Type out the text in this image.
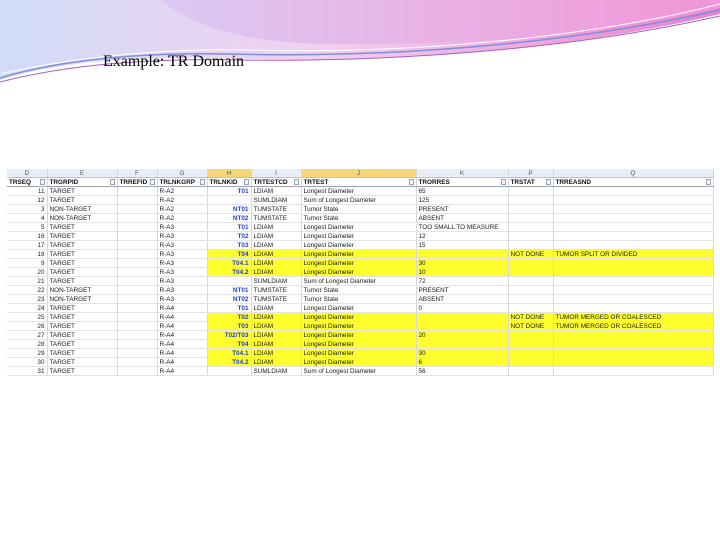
Example: TR Domain
D	E	F	G	H	I	J	K	P	Q
TRSEQ	TRGRPID	TRREFID	TRLNKGRP	TRLNKID	TRTESTCD	TRTEST	TRORRES	TRSTAT	TRREASND

11	TARGET		R-A2	T01	LDIAM	Longest Diameter	65		
12	TARGET		R-A2		SUMLDIAM	Sum of Longest Diameter	125		
3	NON-TARGET		R-A2	NT01	TUMSTATE	Tumor State	PRESENT		
4	NON-TARGET		R-A2	NT02	TUMSTATE	Tumor State	ABSENT		
5	TARGET		R-A3	T01	LDIAM	Longest Diameter	TOO SMALL TO MEASURE		
16	TARGET		R-A3	T02	LDIAM	Longest Diameter	12		
17	TARGET		R-A3	T03	LDIAM	Longest Diameter	15		
18	TARGET		R-A3	T04	LDIAM	Longest Diameter		NOT DONE	TUMOR SPLIT OR DIVIDED
9	TARGET		R-A3	T04.1	LDIAM	Longest Diameter	30		
20	TARGET		R-A3	T04.2	LDIAM	Longest Diameter	10		
21	TARGET		R-A3		SUMLDIAM	Sum of Longest Diameter	72		
22	NON-TARGET		R-A3	NT01	TUMSTATE	Tumor State	PRESENT		
23	NON-TARGET		R-A3	NT02	TUMSTATE	Tumor State	ABSENT		
24	TARGET		R-A4	T01	LDIAM	Longest Diameter	0		
25	TARGET		R-A4	T02	LDIAM	Longest Diameter		NOT DONE	TUMOR MERGED OR COALESCED
26	TARGET		R-A4	T03	LDIAM	Longest Diameter		NOT DONE	TUMOR MERGED OR COALESCED
27	TARGET		R-A4	T02/T03	LDIAM	Longest Diameter	20		
28	TARGET		R-A4	T04	LDIAM	Longest Diameter			
29	TARGET		R-A4	T04.1	LDIAM	Longest Diameter	30		
30	TARGET		R-A4	T04.2	LDIAM	Longest Diameter	6		
31	TARGET		R-A4		SUMLDIAM	Sum of Longest Diameter	56		
